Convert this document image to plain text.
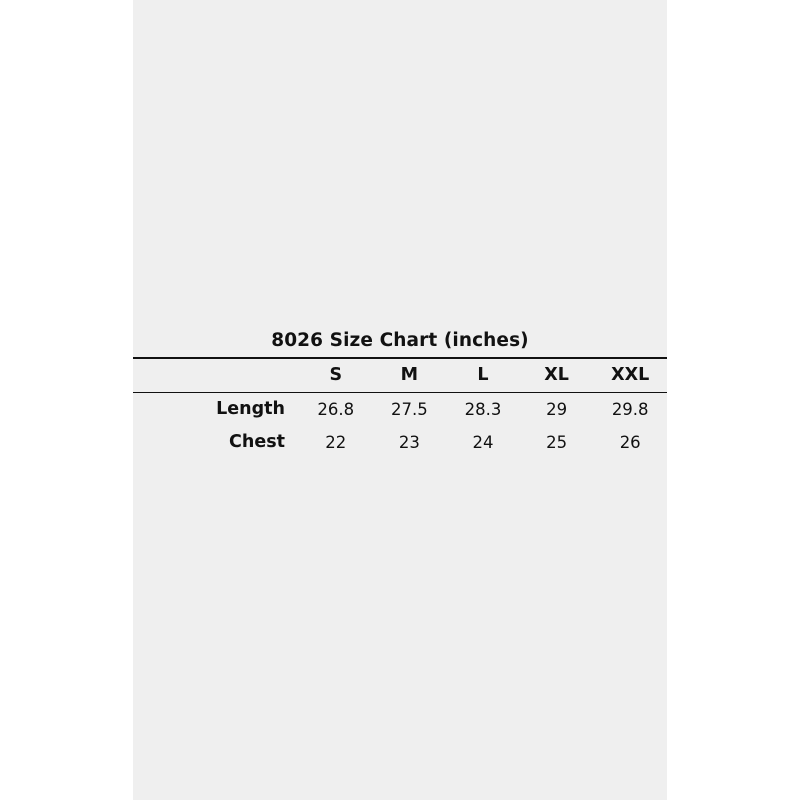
8026 Size Chart (inches)
	S	M	L	XL	XXL
Length	26.8	27.5	28.3	29	29.8
Chest	22	23	24	25	26
